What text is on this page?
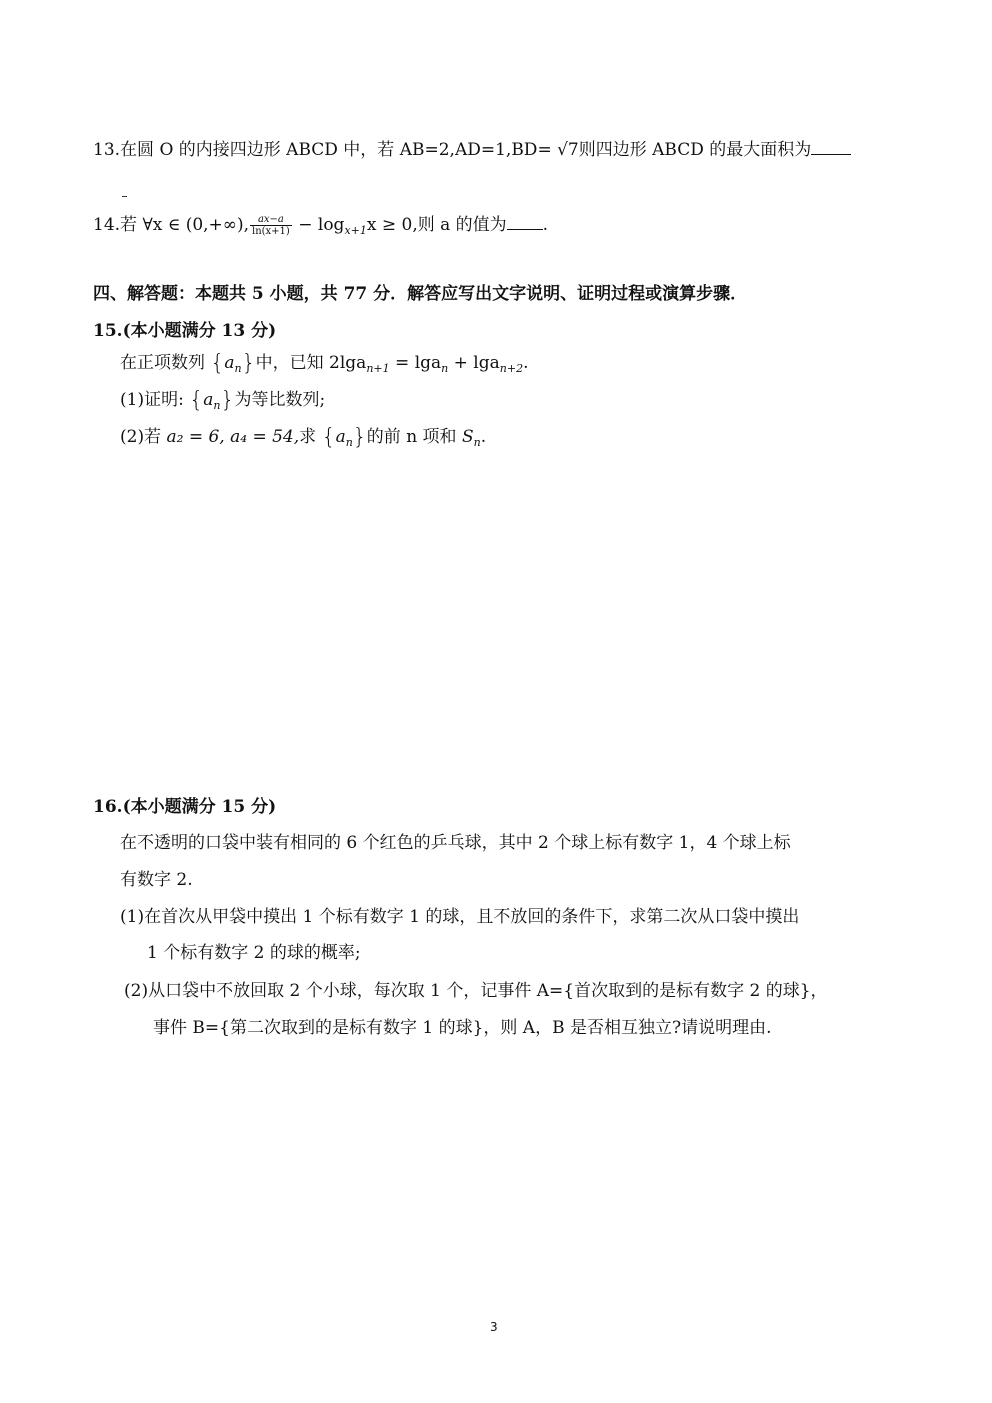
13.在圆 O 的内接四边形 ABCD 中，若 AB=2,AD=1,BD= √7则四边形 ABCD 的最大面积为
14.若 ∀x ∈ (0,+∞), $\frac{ax-a}{\ln(x+1)} - \log_{x+1}x \ge 0$,则 a 的值为 .
四、解答题：本题共 5 小题，共 77 分．解答应写出文字说明、证明过程或演算步骤．
15.(本小题满分 13 分)
在正项数列 $\{a_n\}$中，已知 2lga$_{n+1}$ = lga$_n$ + lga$_{n+2}$.
(1)证明: $\{a_n\}$为等比数列;
(2)若 a₂ = 6, a₄ = 54,求 $\{a_n\}$的前 n 项和 $S_n$.
16.(本小题满分 15 分)
在不透明的口袋中装有相同的 6 个红色的乒乓球，其中 2 个球上标有数字 1，4 个球上标
有数字 2.
(1)在首次从甲袋中摸出 1 个标有数字 1 的球，且不放回的条件下，求第二次从口袋中摸出
1 个标有数字 2 的球的概率;
(2)从口袋中不放回取 2 个小球，每次取 1 个，记事件 A={首次取到的是标有数字 2 的球}，
事件 B={第二次取到的是标有数字 1 的球}，则 A，B 是否相互独立?请说明理由.
3
